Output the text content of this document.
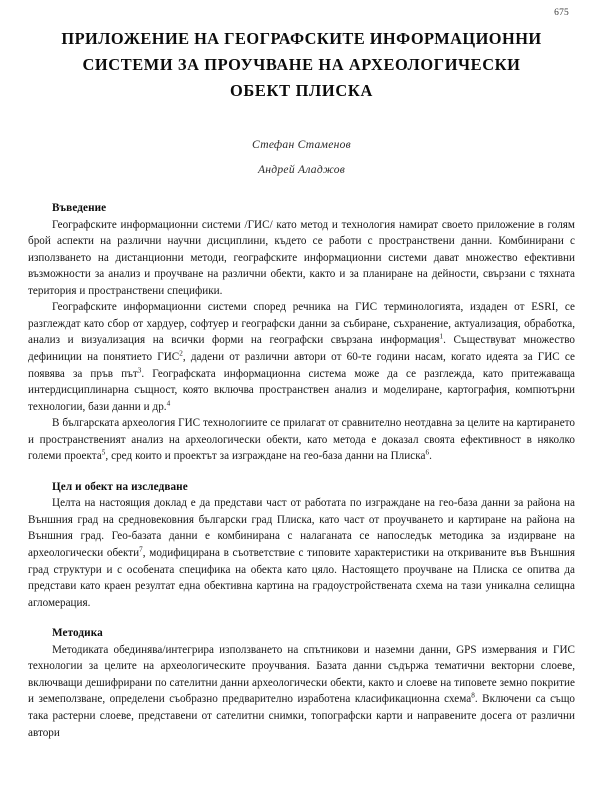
675
ПРИЛОЖЕНИЕ НА ГЕОГРАФСКИТЕ ИНФОРМАЦИОННИ
СИСТЕМИ ЗА ПРОУЧВАНЕ НА АРХЕОЛОГИЧЕСКИ
ОБЕКТ ПЛИСКА
Стефан Стаменов
Андрей Аладжов
Въведение

Географските информационни системи /ГИС/ като метод и технология намират своето приложение в голям брой аспекти на различни научни дисциплини, където се работи с пространствени данни. Комбинирани с използването на дистанционни методи, географските информационни системи дават множество ефективни възможности за анализ и проучване на различни обекти, както и за планиране на дейности, свързани с тяхната територия и пространствени специфики.

Географските информационни системи според речника на ГИС терминологията, издаден от ESRI, се разглеждат като сбор от хардуер, софтуер и географски данни за събиране, съхранение, актуализация, обработка, анализ и визуализация на всички форми на географски свързана информация$^1$. Съществуват множество дефиниции на понятието ГИС$^2$, дадени от различни автори от 60-те години насам, когато идеята за ГИС се появява за пръв път$^3$. Географската информационна система може да се разглежда, като притежаваща интердисциплинарна същност, която включва пространствен анализ и моделиране, картография, компютърни технологии, бази данни и др.$^4$

В българската археология ГИС технологиите се прилагат от сравнително неотдавна за целите на картирането и пространственият анализ на археологически обекти, като метода е доказал своята ефективност в няколко големи проекта$^5$, сред които и проектът за изграждане на гео-база данни на Плиска$^6$.

Цел и обект на изследване

Целта на настоящия доклад е да представи част от работата по изграждане на гео-база данни за района на Външния град на средновековния български град Плиска, като част от проучването и картиране на района на Външния град. Гео-базата данни е комбинирана с налаганата се напоследък методика за издирване на археологически обекти$^7$, модифицирана в съответствие с типовите характеристики на откриваните във Външния град структури и с особената специфика на обекта като цяло. Настоящето проучване на Плиска се опитва да представи като краен резултат една обективна картина на градоустройствената схема на тази уникална селищна агломерация.

Методика

Методиката обединява/интегрира използването на спътникови и наземни данни, GPS измервания и ГИС технологии за целите на археологическите проучвания. Базата данни съдържа тематични векторни слоеве, включващи дешифрирани по сателитни данни археологически обекти, както и слоеве на типовете земно покритие и земеползване, определени съобразно предварително изработена класификационна схема$^8$. Включени са също така растерни слоеве, представени от сателитни снимки, топографски карти и направените досега от различни автори
